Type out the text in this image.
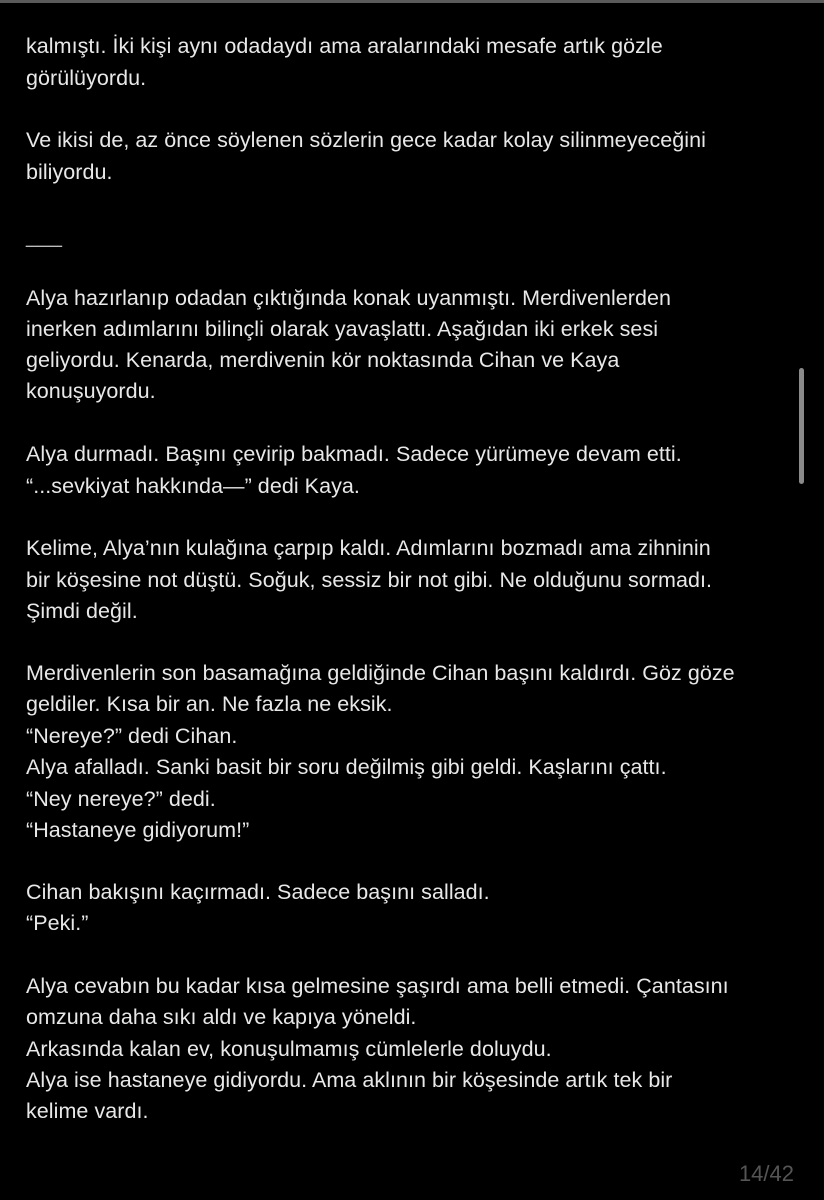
kalmıştı. İki kişi aynı odadaydı ama aralarındaki mesafe artık gözle
görülüyordu.
Ve ikisi de, az önce söylenen sözlerin gece kadar kolay silinmeyeceğini
biliyordu.
___
Alya hazırlanıp odadan çıktığında konak uyanmıştı. Merdivenlerden
inerken adımlarını bilinçli olarak yavaşlattı. Aşağıdan iki erkek sesi
geliyordu. Kenarda, merdivenin kör noktasında Cihan ve Kaya
konuşuyordu.
Alya durmadı. Başını çevirip bakmadı. Sadece yürümeye devam etti.
“...sevkiyat hakkında—” dedi Kaya.
Kelime, Alya’nın kulağına çarpıp kaldı. Adımlarını bozmadı ama zihninin
bir köşesine not düştü. Soğuk, sessiz bir not gibi. Ne olduğunu sormadı.
Şimdi değil.
Merdivenlerin son basamağına geldiğinde Cihan başını kaldırdı. Göz göze
geldiler. Kısa bir an. Ne fazla ne eksik.
“Nereye?” dedi Cihan.
Alya afalladı. Sanki basit bir soru değilmiş gibi geldi. Kaşlarını çattı.
“Ney nereye?” dedi.
“Hastaneye gidiyorum!”
Cihan bakışını kaçırmadı. Sadece başını salladı.
“Peki.”
Alya cevabın bu kadar kısa gelmesine şaşırdı ama belli etmedi. Çantasını
omzuna daha sıkı aldı ve kapıya yöneldi.
Arkasında kalan ev, konuşulmamış cümlelerle doluydu.
Alya ise hastaneye gidiyordu. Ama aklının bir köşesinde artık tek bir
kelime vardı.
14/42
